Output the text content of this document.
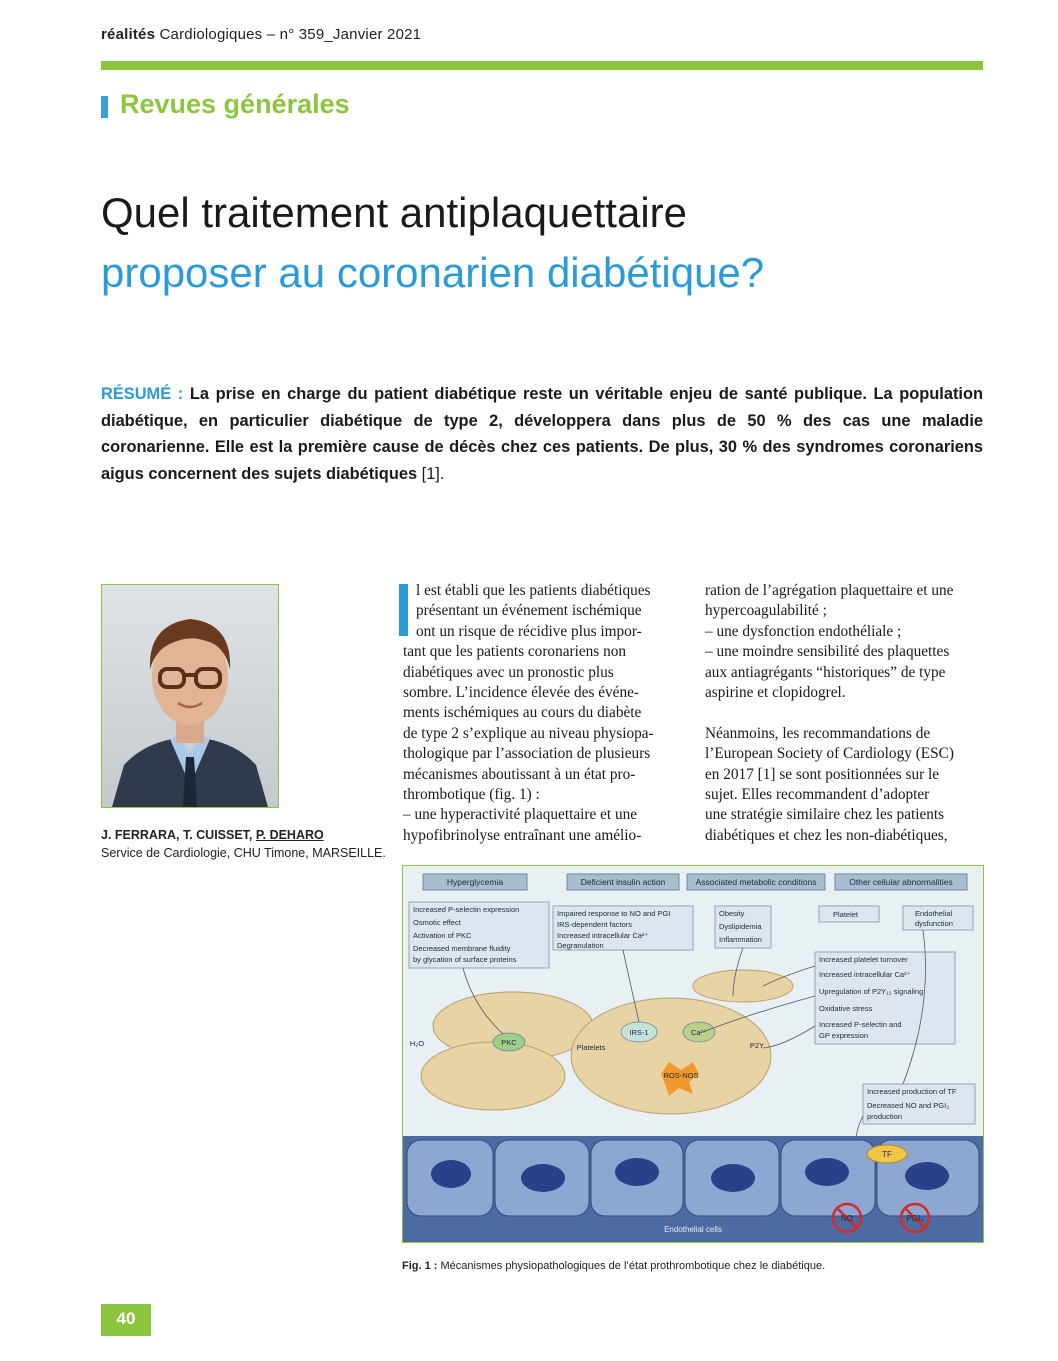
réalités Cardiologiques – n° 359_Janvier 2021
Revues générales
Quel traitement antiplaquettaire
proposer au coronarien diabétique?
RÉSUMÉ : La prise en charge du patient diabétique reste un véritable enjeu de santé publique. La population diabétique, en particulier diabétique de type 2, développera dans plus de 50 % des cas une maladie coronarienne. Elle est la première cause de décès chez ces patients. De plus, 30 % des syndromes coronariens aigus concernent des sujets diabétiques [1].
J. FERRARA, T. CUISSET, P. DEHARO
Service de Cardiologie, CHU Timone, MARSEILLE.
l est établi que les patients diabétiques
présentant un événement ischémique
ont un risque de récidive plus impor-
tant que les patients coronariens non
diabétiques avec un pronostic plus
sombre. L’incidence élevée des événe-
ments ischémiques au cours du diabète
de type 2 s’explique au niveau physiopa-
thologique par l’association de plusieurs
mécanismes aboutissant à un état pro-
thrombotique (fig. 1) :
– une hyperactivité plaquettaire et une
hypofibrinolyse entraînant une amélio-
ration de l’agrégation plaquettaire et une
hypercoagulabilité ;
– une dysfonction endothéliale ;
– une moindre sensibilité des plaquettes
aux antiagrégants “historiques” de type
aspirine et clopidogrel.
Néanmoins, les recommandations de
l’European Society of Cardiology (ESC)
en 2017 [1] se sont positionnées sur le
sujet. Elles recommandent d’adopter
une stratégie similaire chez les patients
diabétiques et chez les non-diabétiques,
Hyperglycemia	Deficient insulin action	Associated metabolic conditions	Other cellular abnormalities
Increased P-selectin expression
Osmotic effect
Activation of PKC
Decreased membrane fluidity
by glycation of surface proteins
Impaired response to NO and PGI
IRS-dependent factors
Increased intracellular Ca²⁺
Degranulation
Obesity
Dyslipidemia
Inflammation
Platelet	Endothelial
dysfunction
Increased platelet turnover
Increased intracellular Ca²⁺
Upregulation of P2Y₁₂ signaling
Oxidative stress
Increased P-selectin and
GP expression
Increased production of TF
Decreased NO and PGI₂
production
IRS-1	Ca²⁺
PKC
Platelets
ROS-NOS
P2Y
H₂O
TF
NO	PGI₂
Endothelial cells
Fig. 1 : Mécanismes physiopathologiques de l’état prothrombotique chez le diabétique.
40
